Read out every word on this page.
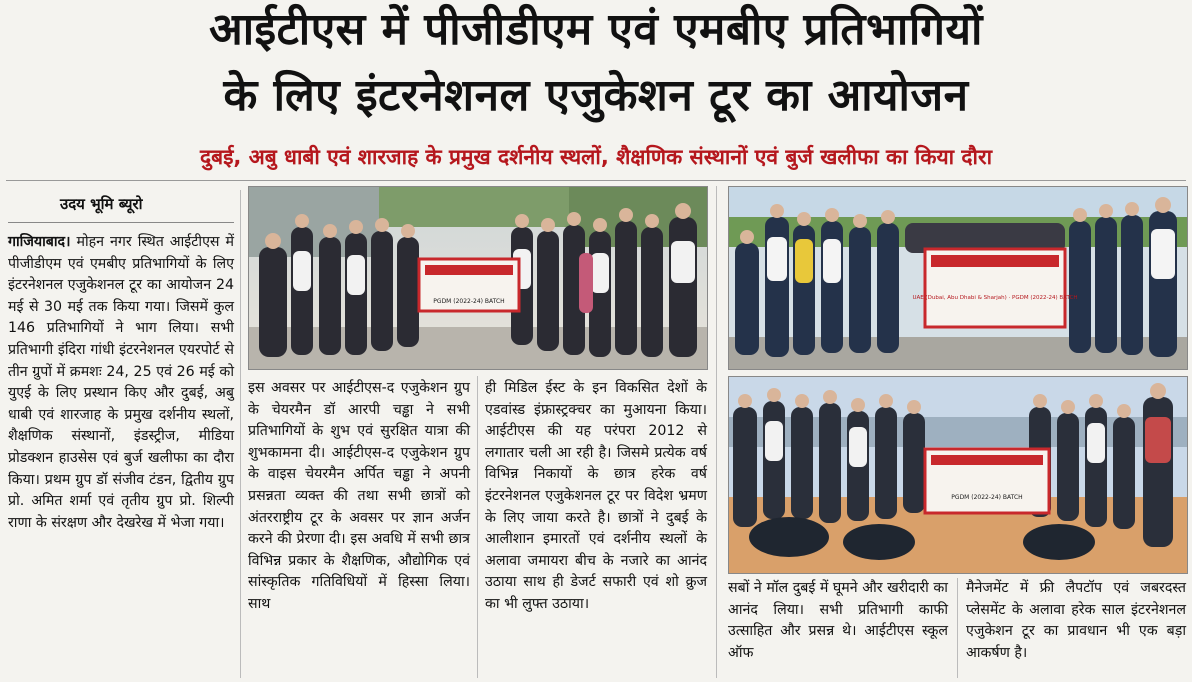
आईटीएस में पीजीडीएम एवं एमबीए प्रतिभागियों
के लिए इंटरनेशनल एजुकेशन टूर का आयोजन
दुबई, अबु धाबी एवं शारजाह के प्रमुख दर्शनीय स्थलों, शैक्षणिक संस्थानों एवं बुर्ज खलीफा का किया दौरा
उदय भूमि ब्यूरो

गाजियाबाद। मोहन नगर स्थित आईटीएस में पीजीडीएम एवं एमबीए प्रतिभागियों के लिए इंटरनेशनल एजुकेशनल टूर का आयोजन 24 मई से 30 मई तक किया गया। जिसमें कुल 146 प्रतिभागियों ने भाग लिया। सभी प्रतिभागी इंदिरा गांधी इंटरनेशनल एयरपोर्ट से तीन ग्रुपों में क्रमशः 24, 25 एवं 26 मई को युएई के लिए प्रस्थान किए और दुबई, अबु धाबी एवं शारजाह के प्रमुख दर्शनीय स्थलों, शैक्षणिक संस्थानों, इंडस्ट्रीज, मीडिया प्रोडक्शन हाउसेस एवं बुर्ज खलीफा का दौरा किया। प्रथम ग्रुप डॉ संजीव टंडन, द्वितीय ग्रुप प्रो. अमित शर्मा एवं तृतीय ग्रुप प्रो. शिल्पी राणा के संरक्षण और देखरेख में भेजा गया।

PGDM (2022-24) BATCH	UAE (Dubai, Abu Dhabi & Sharjah) · PGDM (2022-24) BATCH
PGDM (2022-24) BATCH

इस अवसर पर आईटीएस-द एजुकेशन ग्रुप के चेयरमैन डॉ आरपी चड्ढा ने सभी प्रतिभागियों के शुभ एवं सुरक्षित यात्रा की शुभकामना दी। आईटीएस-द एजुकेशन ग्रुप के वाइस चेयरमैन अर्पित चड्ढा ने अपनी प्रसन्नता व्यक्त की तथा सभी छात्रों को अंतरराष्ट्रीय टूर के अवसर पर ज्ञान अर्जन करने की प्रेरणा दी। इस अवधि में सभी छात्र विभिन्न प्रकार के शैक्षणिक, औद्योगिक एवं सांस्कृतिक गतिविधियों में हिस्सा लिया। साथ

ही मिडिल ईस्ट के इन विकसित देशों के एडवांस्ड इंफ्रास्ट्रक्चर का मुआयना किया। आईटीएस की यह परंपरा 2012 से लगातार चली आ रही है। जिसमे प्रत्येक वर्ष विभिन्न निकायों के छात्र हरेक वर्ष इंटरनेशनल एजुकेशनल टूर पर विदेश भ्रमण के लिए जाया करते है। छात्रों ने दुबई के आलीशान इमारतों एवं दर्शनीय स्थलों के अलावा जमायरा बीच के नजारे का आनंद उठाया साथ ही डेजर्ट सफारी एवं शो क्रुज का भी लुफ्त उठाया।

सबों ने मॉल दुबई में घूमने और खरीदारी का आनंद लिया। सभी प्रतिभागी काफी उत्साहित और प्रसन्न थे। आईटीएस स्कूल ऑफ

मैनेजमेंट में फ्री लैपटॉप एवं जबरदस्त प्लेसमेंट के अलावा हरेक साल इंटरनेशनल एजुकेशन टूर का प्रावधान भी एक बड़ा आकर्षण है।
